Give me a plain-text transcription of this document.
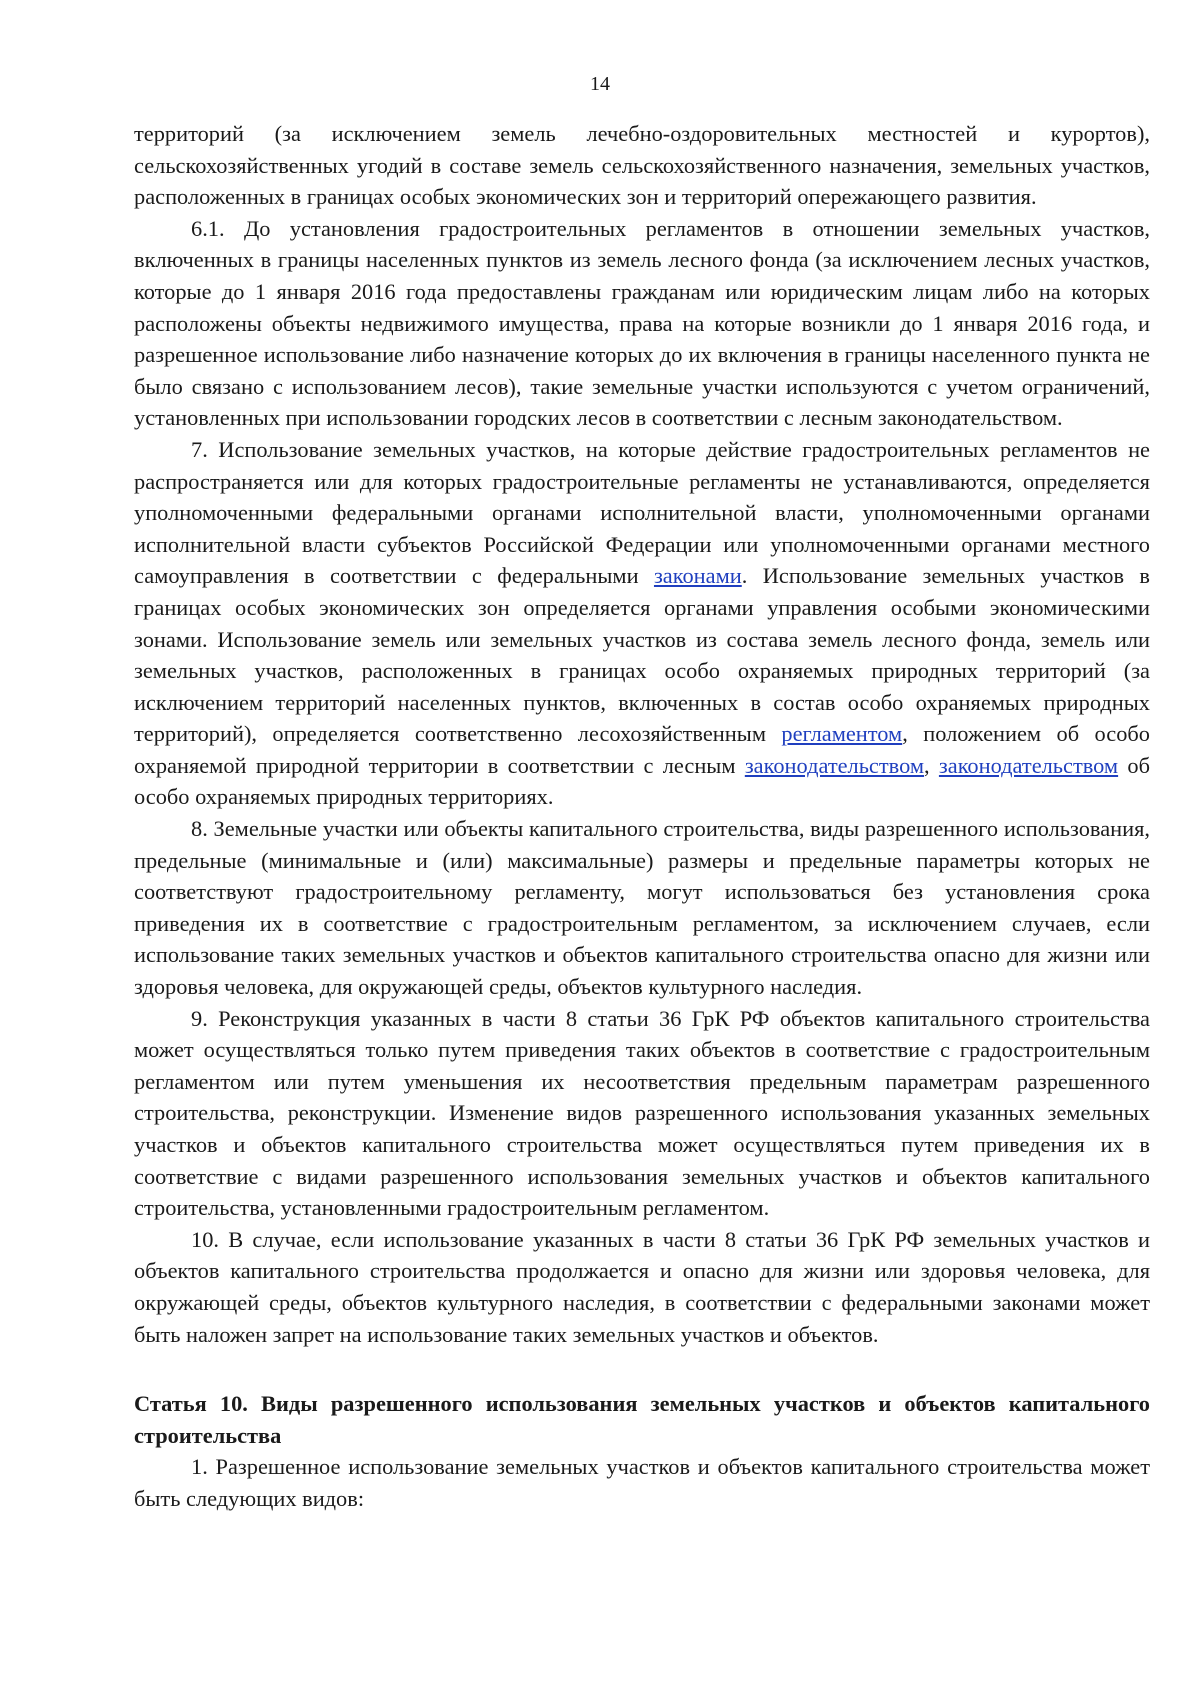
14

территорий (за исключением земель лечебно-оздоровительных местностей и курортов), сельскохозяйственных угодий в составе земель сельскохозяйственного назначения, земельных участков, расположенных в границах особых экономических зон и территорий опережающего развития.

6.1. До установления градостроительных регламентов в отношении земельных участков, включенных в границы населенных пунктов из земель лесного фонда (за исключением лесных участков, которые до 1 января 2016 года предоставлены гражданам или юридическим лицам либо на которых расположены объекты недвижимого имущества, права на которые возникли до 1 января 2016 года, и разрешенное использование либо назначение которых до их включения в границы населенного пункта не было связано с использованием лесов), такие земельные участки используются с учетом ограничений, установленных при использовании городских лесов в соответствии с лесным законодательством.

7. Использование земельных участков, на которые действие градостроительных регламентов не распространяется или для которых градостроительные регламенты не устанавливаются, определяется уполномоченными федеральными органами исполнительной власти, уполномоченными органами исполнительной власти субъектов Российской Федерации или уполномоченными органами местного самоуправления в соответствии с федеральными законами. Использование земельных участков в границах особых экономических зон определяется органами управления особыми экономическими зонами. Использование земель или земельных участков из состава земель лесного фонда, земель или земельных участков, расположенных в границах особо охраняемых природных территорий (за исключением территорий населенных пунктов, включенных в состав особо охраняемых природных территорий), определяется соответственно лесохозяйственным регламентом, положением об особо охраняемой природной территории в соответствии с лесным законодательством, законодательством об особо охраняемых природных территориях.

8. Земельные участки или объекты капитального строительства, виды разрешенного использования, предельные (минимальные и (или) максимальные) размеры и предельные параметры которых не соответствуют градостроительному регламенту, могут использоваться без установления срока приведения их в соответствие с градостроительным регламентом, за исключением случаев, если использование таких земельных участков и объектов капитального строительства опасно для жизни или здоровья человека, для окружающей среды, объектов культурного наследия.

9. Реконструкция указанных в части 8 статьи 36 ГрК РФ объектов капитального строительства может осуществляться только путем приведения таких объектов в соответствие с градостроительным регламентом или путем уменьшения их несоответствия предельным параметрам разрешенного строительства, реконструкции. Изменение видов разрешенного использования указанных земельных участков и объектов капитального строительства может осуществляться путем приведения их в соответствие с видами разрешенного использования земельных участков и объектов капитального строительства, установленными градостроительным регламентом.

10. В случае, если использование указанных в части 8 статьи 36 ГрК РФ земельных участков и объектов капитального строительства продолжается и опасно для жизни или здоровья человека, для окружающей среды, объектов культурного наследия, в соответствии с федеральными законами может быть наложен запрет на использование таких земельных участков и объектов.

Статья 10. Виды разрешенного использования земельных участков и объектов капитального строительства

1. Разрешенное использование земельных участков и объектов капитального строительства может быть следующих видов:
